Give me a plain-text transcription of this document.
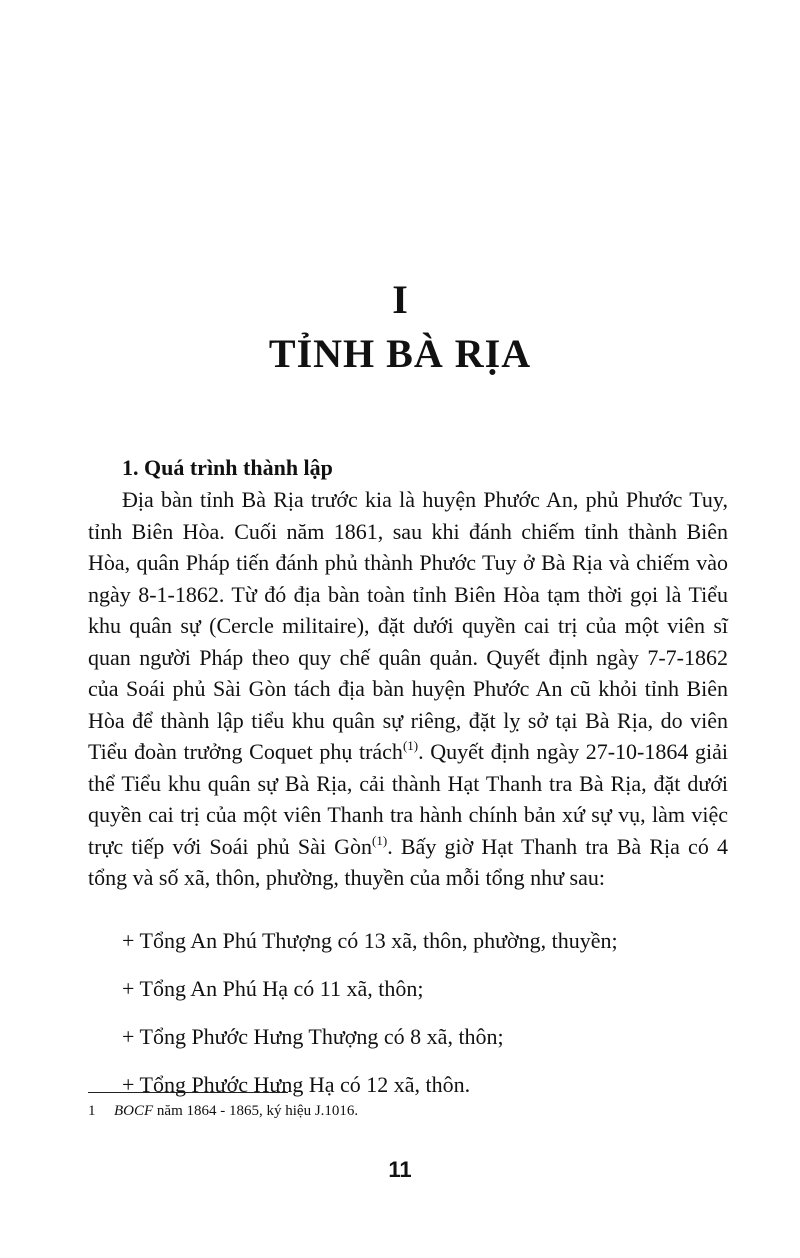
I
TỈNH BÀ RỊA
1. Quá trình thành lập

Địa bàn tỉnh Bà Rịa trước kia là huyện Phước An, phủ Phước Tuy, tỉnh Biên Hòa. Cuối năm 1861, sau khi đánh chiếm tỉnh thành Biên Hòa, quân Pháp tiến đánh phủ thành Phước Tuy ở Bà Rịa và chiếm vào ngày 8-1-1862. Từ đó địa bàn toàn tỉnh Biên Hòa tạm thời gọi là Tiểu khu quân sự (Cercle militaire), đặt dưới quyền cai trị của một viên sĩ quan người Pháp theo quy chế quân quản. Quyết định ngày 7-7-1862 của Soái phủ Sài Gòn tách địa bàn huyện Phước An cũ khỏi tỉnh Biên Hòa để thành lập tiểu khu quân sự riêng, đặt lỵ sở tại Bà Rịa, do viên Tiểu đoàn trưởng Coquet phụ trách$^{(1)}$. Quyết định ngày 27-10-1864 giải thể Tiểu khu quân sự Bà Rịa, cải thành Hạt Thanh tra Bà Rịa, đặt dưới quyền cai trị của một viên Thanh tra hành chính bản xứ sự vụ, làm việc trực tiếp với Soái phủ Sài Gòn$^{(1)}$. Bấy giờ Hạt Thanh tra Bà Rịa có 4 tổng và số xã, thôn, phường, thuyền của mỗi tổng như sau:

+ Tổng An Phú Thượng có 13 xã, thôn, phường, thuyền;
+ Tổng An Phú Hạ có 11 xã, thôn;
+ Tổng Phước Hưng Thượng có 8 xã, thôn;
+ Tổng Phước Hưng Hạ có 12 xã, thôn.
1 BOCF năm 1864 - 1865, ký hiệu J.1016.
11
